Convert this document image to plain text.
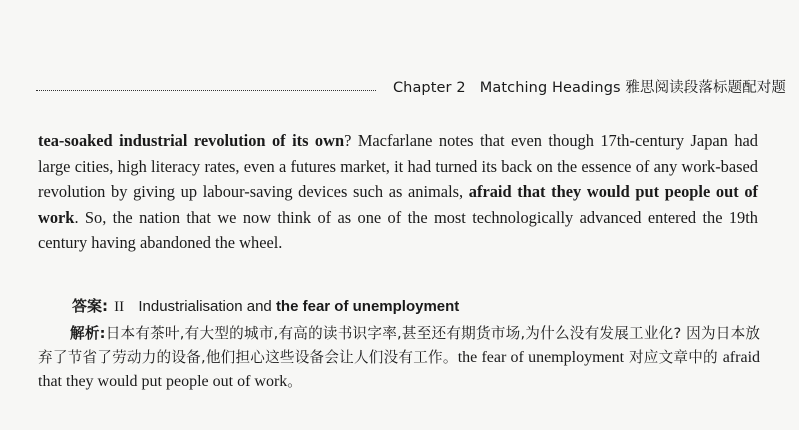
Chapter 2 Matching Headings 雅思阅读段落标题配对题

tea-soaked industrial revolution of its own? Macfarlane notes that even though 17th-century Japan had large cities, high literacy rates, even a futures market, it had turned its back on the essence of any work-based revolution by giving up labour-saving devices such as animals, afraid that they would put people out of work. So, the nation that we now think of as one of the most technologically advanced entered the 19th century having abandoned the wheel.

答案: II Industrialisation and the fear of unemployment
解析:日本有茶叶,有大型的城市,有高的读书识字率,甚至还有期货市场,为什么没有发展工业化? 因为日本放弃了节省了劳动力的设备,他们担心这些设备会让人们没有工作。the fear of unemployment 对应文章中的 afraid that they would put people out of work。
